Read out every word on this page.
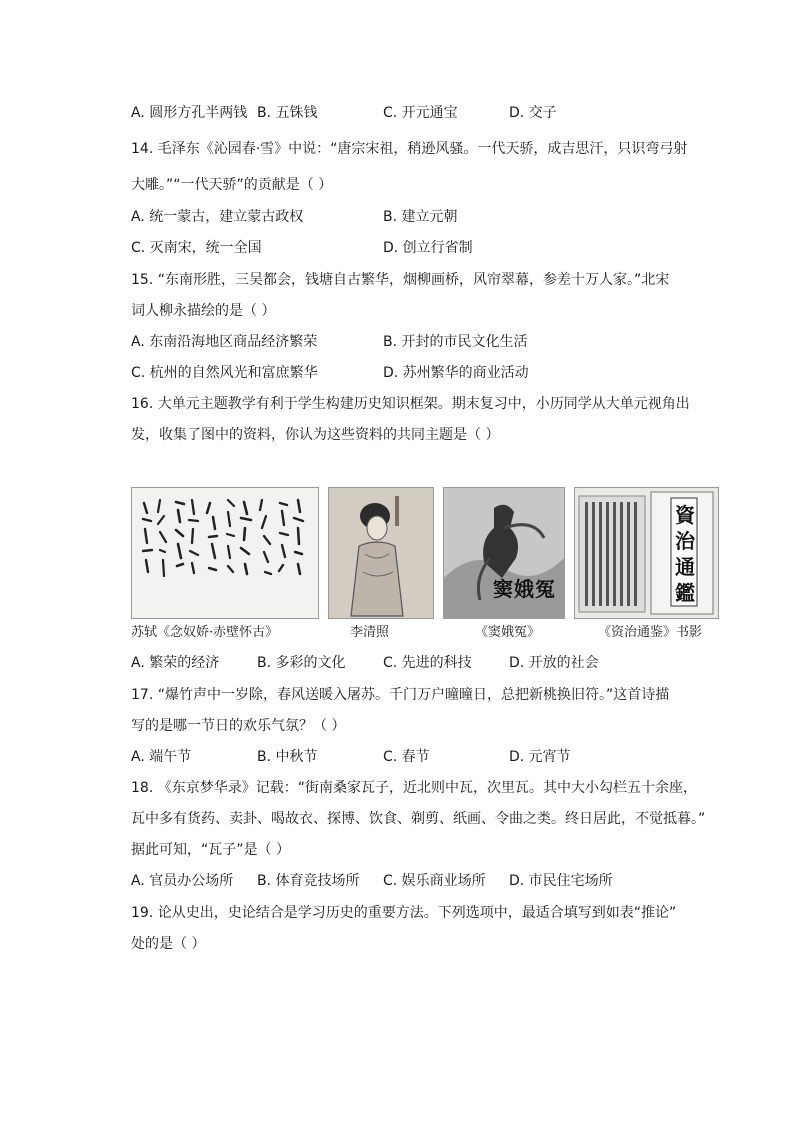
A. 圆形方孔半两钱 B. 五铢钱	C. 开元通宝	D. 交子
14. 毛泽东《沁园春·雪》中说：“唐宗宋祖，稍逊风骚。一代天骄，成吉思汗，只识弯弓射
大雕。”“一代天骄”的贡献是（ ）
A. 统一蒙古，建立蒙古政权	B. 建立元朝
C. 灭南宋，统一全国	D. 创立行省制
15. “东南形胜，三吴都会，钱塘自古繁华，烟柳画桥，风帘翠幕，参差十万人家。”北宋
词人柳永描绘的是（ ）
A. 东南沿海地区商品经济繁荣	B. 开封的市民文化生活
C. 杭州的自然风光和富庶繁华	D. 苏州繁华的商业活动
16. 大单元主题教学有利于学生构建历史知识框架。期末复习中，小历同学从大单元视角出
发，收集了图中的资料，你认为这些资料的共同主题是（ ）
窦娥冤
資治通鑑
苏轼《念奴娇·赤壁怀古》	李清照	《窦娥冤》	《资治通鉴》书影
A. 繁荣的经济	B. 多彩的文化	C. 先进的科技	D. 开放的社会
17. “爆竹声中一岁除，春风送暖入屠苏。千门万户曈曈日，总把新桃换旧符。”这首诗描
写的是哪一节日的欢乐气氛？（ ）
A. 端午节	B. 中秋节	C. 春节	D. 元宵节
18. 《东京梦华录》记载：“街南桑家瓦子，近北则中瓦，次里瓦。其中大小勾栏五十余座，
瓦中多有货药、卖卦、喝故衣、探博、饮食、剃剪、纸画、令曲之类。终日居此，不觉抵暮。”
据此可知，“瓦子”是（ ）
A. 官员办公场所 B. 体育竞技场所 C. 娱乐商业场所 D. 市民住宅场所
19. 论从史出，史论结合是学习历史的重要方法。下列选项中，最适合填写到如表“推论”
处的是（ ）
